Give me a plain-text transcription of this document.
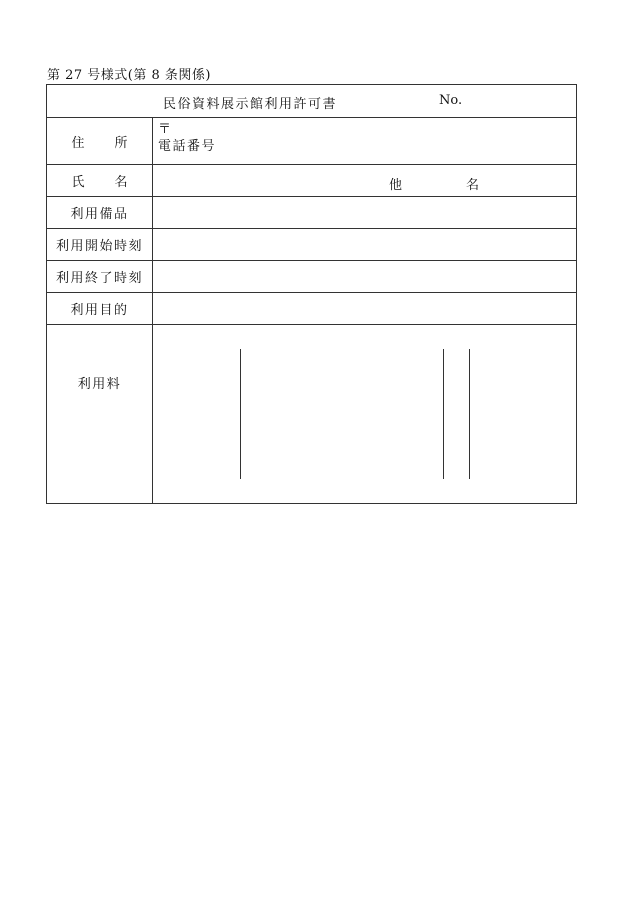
第 27 号様式(第 8 条関係)
民俗資料展示館利用許可書 No.	

住 所	〒
電話番号

氏 名	他 名

利用備品	
利用開始時刻	
利用終了時刻	
利用目的	
利用料	
